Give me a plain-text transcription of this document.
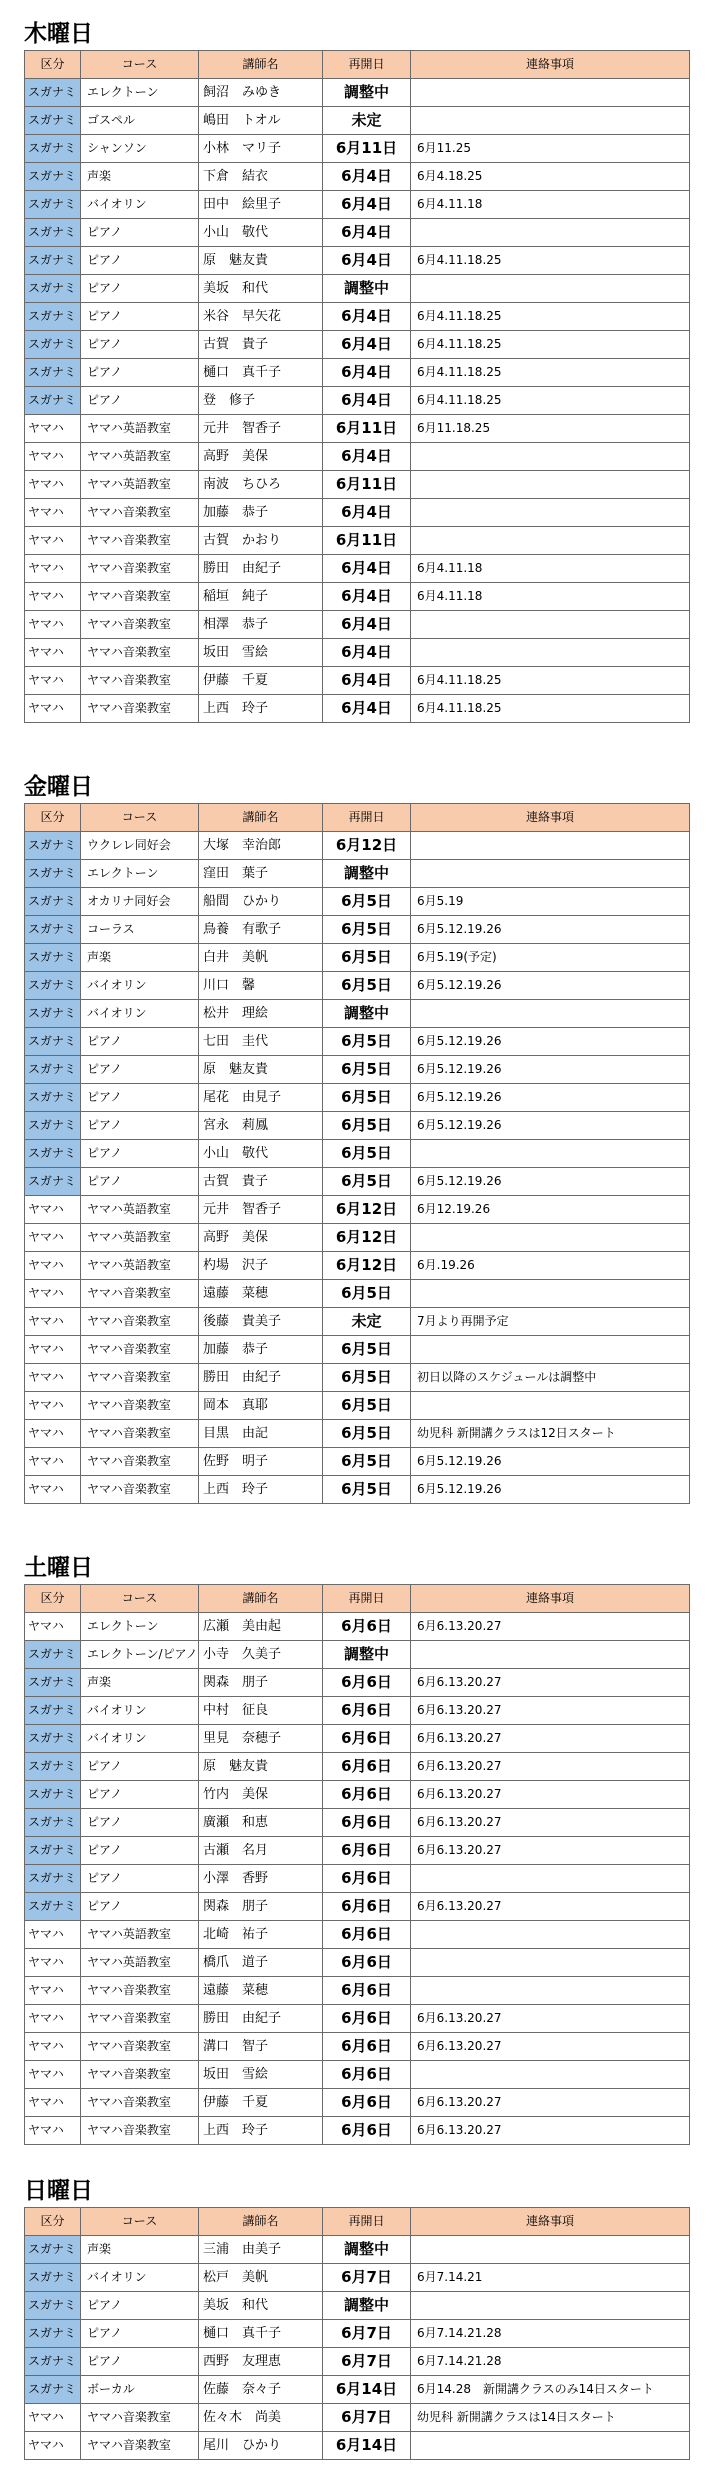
木曜日
区分	コース	講師名	再開日	連絡事項
スガナミ	エレクトーン	飼沼　みゆき	調整中	
スガナミ	ゴスペル	嶋田　トオル	未定	
スガナミ	シャンソン	小林　マリ子	6月11日	6月11.25
スガナミ	声楽	下倉　結衣	6月4日	6月4.18.25
スガナミ	バイオリン	田中　絵里子	6月4日	6月4.11.18
スガナミ	ピアノ	小山　敬代	6月4日	
スガナミ	ピアノ	原　魅友貴	6月4日	6月4.11.18.25
スガナミ	ピアノ	美坂　和代	調整中	
スガナミ	ピアノ	米谷　早矢花	6月4日	6月4.11.18.25
スガナミ	ピアノ	古賀　貴子	6月4日	6月4.11.18.25
スガナミ	ピアノ	樋口　真千子	6月4日	6月4.11.18.25
スガナミ	ピアノ	登　修子	6月4日	6月4.11.18.25
ヤマハ	ヤマハ英語教室	元井　智香子	6月11日	6月11.18.25
ヤマハ	ヤマハ英語教室	高野　美保	6月4日	
ヤマハ	ヤマハ英語教室	南波　ちひろ	6月11日	
ヤマハ	ヤマハ音楽教室	加藤　恭子	6月4日	
ヤマハ	ヤマハ音楽教室	古賀　かおり	6月11日	
ヤマハ	ヤマハ音楽教室	勝田　由紀子	6月4日	6月4.11.18
ヤマハ	ヤマハ音楽教室	稲垣　純子	6月4日	6月4.11.18
ヤマハ	ヤマハ音楽教室	相澤　恭子	6月4日	
ヤマハ	ヤマハ音楽教室	坂田　雪絵	6月4日	
ヤマハ	ヤマハ音楽教室	伊藤　千夏	6月4日	6月4.11.18.25
ヤマハ	ヤマハ音楽教室	上西　玲子	6月4日	6月4.11.18.25
金曜日
区分	コース	講師名	再開日	連絡事項
スガナミ	ウクレレ同好会	大塚　幸治郎	6月12日	
スガナミ	エレクトーン	窪田　葉子	調整中	
スガナミ	オカリナ同好会	船間　ひかり	6月5日	6月5.19
スガナミ	コーラス	鳥養　有歌子	6月5日	6月5.12.19.26
スガナミ	声楽	白井　美帆	6月5日	6月5.19(予定)
スガナミ	バイオリン	川口　馨	6月5日	6月5.12.19.26
スガナミ	バイオリン	松井　理絵	調整中	
スガナミ	ピアノ	七田　圭代	6月5日	6月5.12.19.26
スガナミ	ピアノ	原　魅友貴	6月5日	6月5.12.19.26
スガナミ	ピアノ	尾花　由見子	6月5日	6月5.12.19.26
スガナミ	ピアノ	宮永　莉鳳	6月5日	6月5.12.19.26
スガナミ	ピアノ	小山　敬代	6月5日	
スガナミ	ピアノ	古賀　貴子	6月5日	6月5.12.19.26
ヤマハ	ヤマハ英語教室	元井　智香子	6月12日	6月12.19.26
ヤマハ	ヤマハ英語教室	高野　美保	6月12日	
ヤマハ	ヤマハ英語教室	杓場　沢子	6月12日	6月.19.26
ヤマハ	ヤマハ音楽教室	遠藤　菜穂	6月5日	
ヤマハ	ヤマハ音楽教室	後藤　貴美子	未定	7月より再開予定
ヤマハ	ヤマハ音楽教室	加藤　恭子	6月5日	
ヤマハ	ヤマハ音楽教室	勝田　由紀子	6月5日	初日以降のスケジュールは調整中
ヤマハ	ヤマハ音楽教室	岡本　真耶	6月5日	
ヤマハ	ヤマハ音楽教室	目黒　由記	6月5日	幼児科 新開講クラスは12日スタート
ヤマハ	ヤマハ音楽教室	佐野　明子	6月5日	6月5.12.19.26
ヤマハ	ヤマハ音楽教室	上西　玲子	6月5日	6月5.12.19.26
土曜日
区分	コース	講師名	再開日	連絡事項
ヤマハ	エレクトーン	広瀬　美由起	6月6日	6月6.13.20.27
スガナミ	エレクトーン/ピアノ	小寺　久美子	調整中	
スガナミ	声楽	関森　朋子	6月6日	6月6.13.20.27
スガナミ	バイオリン	中村　征良	6月6日	6月6.13.20.27
スガナミ	バイオリン	里見　奈穂子	6月6日	6月6.13.20.27
スガナミ	ピアノ	原　魅友貴	6月6日	6月6.13.20.27
スガナミ	ピアノ	竹内　美保	6月6日	6月6.13.20.27
スガナミ	ピアノ	廣瀬　和恵	6月6日	6月6.13.20.27
スガナミ	ピアノ	古瀬　名月	6月6日	6月6.13.20.27
スガナミ	ピアノ	小澤　香野	6月6日	
スガナミ	ピアノ	関森　朋子	6月6日	6月6.13.20.27
ヤマハ	ヤマハ英語教室	北崎　祐子	6月6日	
ヤマハ	ヤマハ英語教室	橋爪　道子	6月6日	
ヤマハ	ヤマハ音楽教室	遠藤　菜穂	6月6日	
ヤマハ	ヤマハ音楽教室	勝田　由紀子	6月6日	6月6.13.20.27
ヤマハ	ヤマハ音楽教室	溝口　智子	6月6日	6月6.13.20.27
ヤマハ	ヤマハ音楽教室	坂田　雪絵	6月6日	
ヤマハ	ヤマハ音楽教室	伊藤　千夏	6月6日	6月6.13.20.27
ヤマハ	ヤマハ音楽教室	上西　玲子	6月6日	6月6.13.20.27
日曜日
区分	コース	講師名	再開日	連絡事項
スガナミ	声楽	三浦　由美子	調整中	
スガナミ	バイオリン	松戸　美帆	6月7日	6月7.14.21
スガナミ	ピアノ	美坂　和代	調整中	
スガナミ	ピアノ	樋口　真千子	6月7日	6月7.14.21.28
スガナミ	ピアノ	西野　友理恵	6月7日	6月7.14.21.28
スガナミ	ボーカル	佐藤　奈々子	6月14日	6月14.28　新開講クラスのみ14日スタート
ヤマハ	ヤマハ音楽教室	佐々木　尚美	6月7日	幼児科 新開講クラスは14日スタート
ヤマハ	ヤマハ音楽教室	尾川　ひかり	6月14日	
